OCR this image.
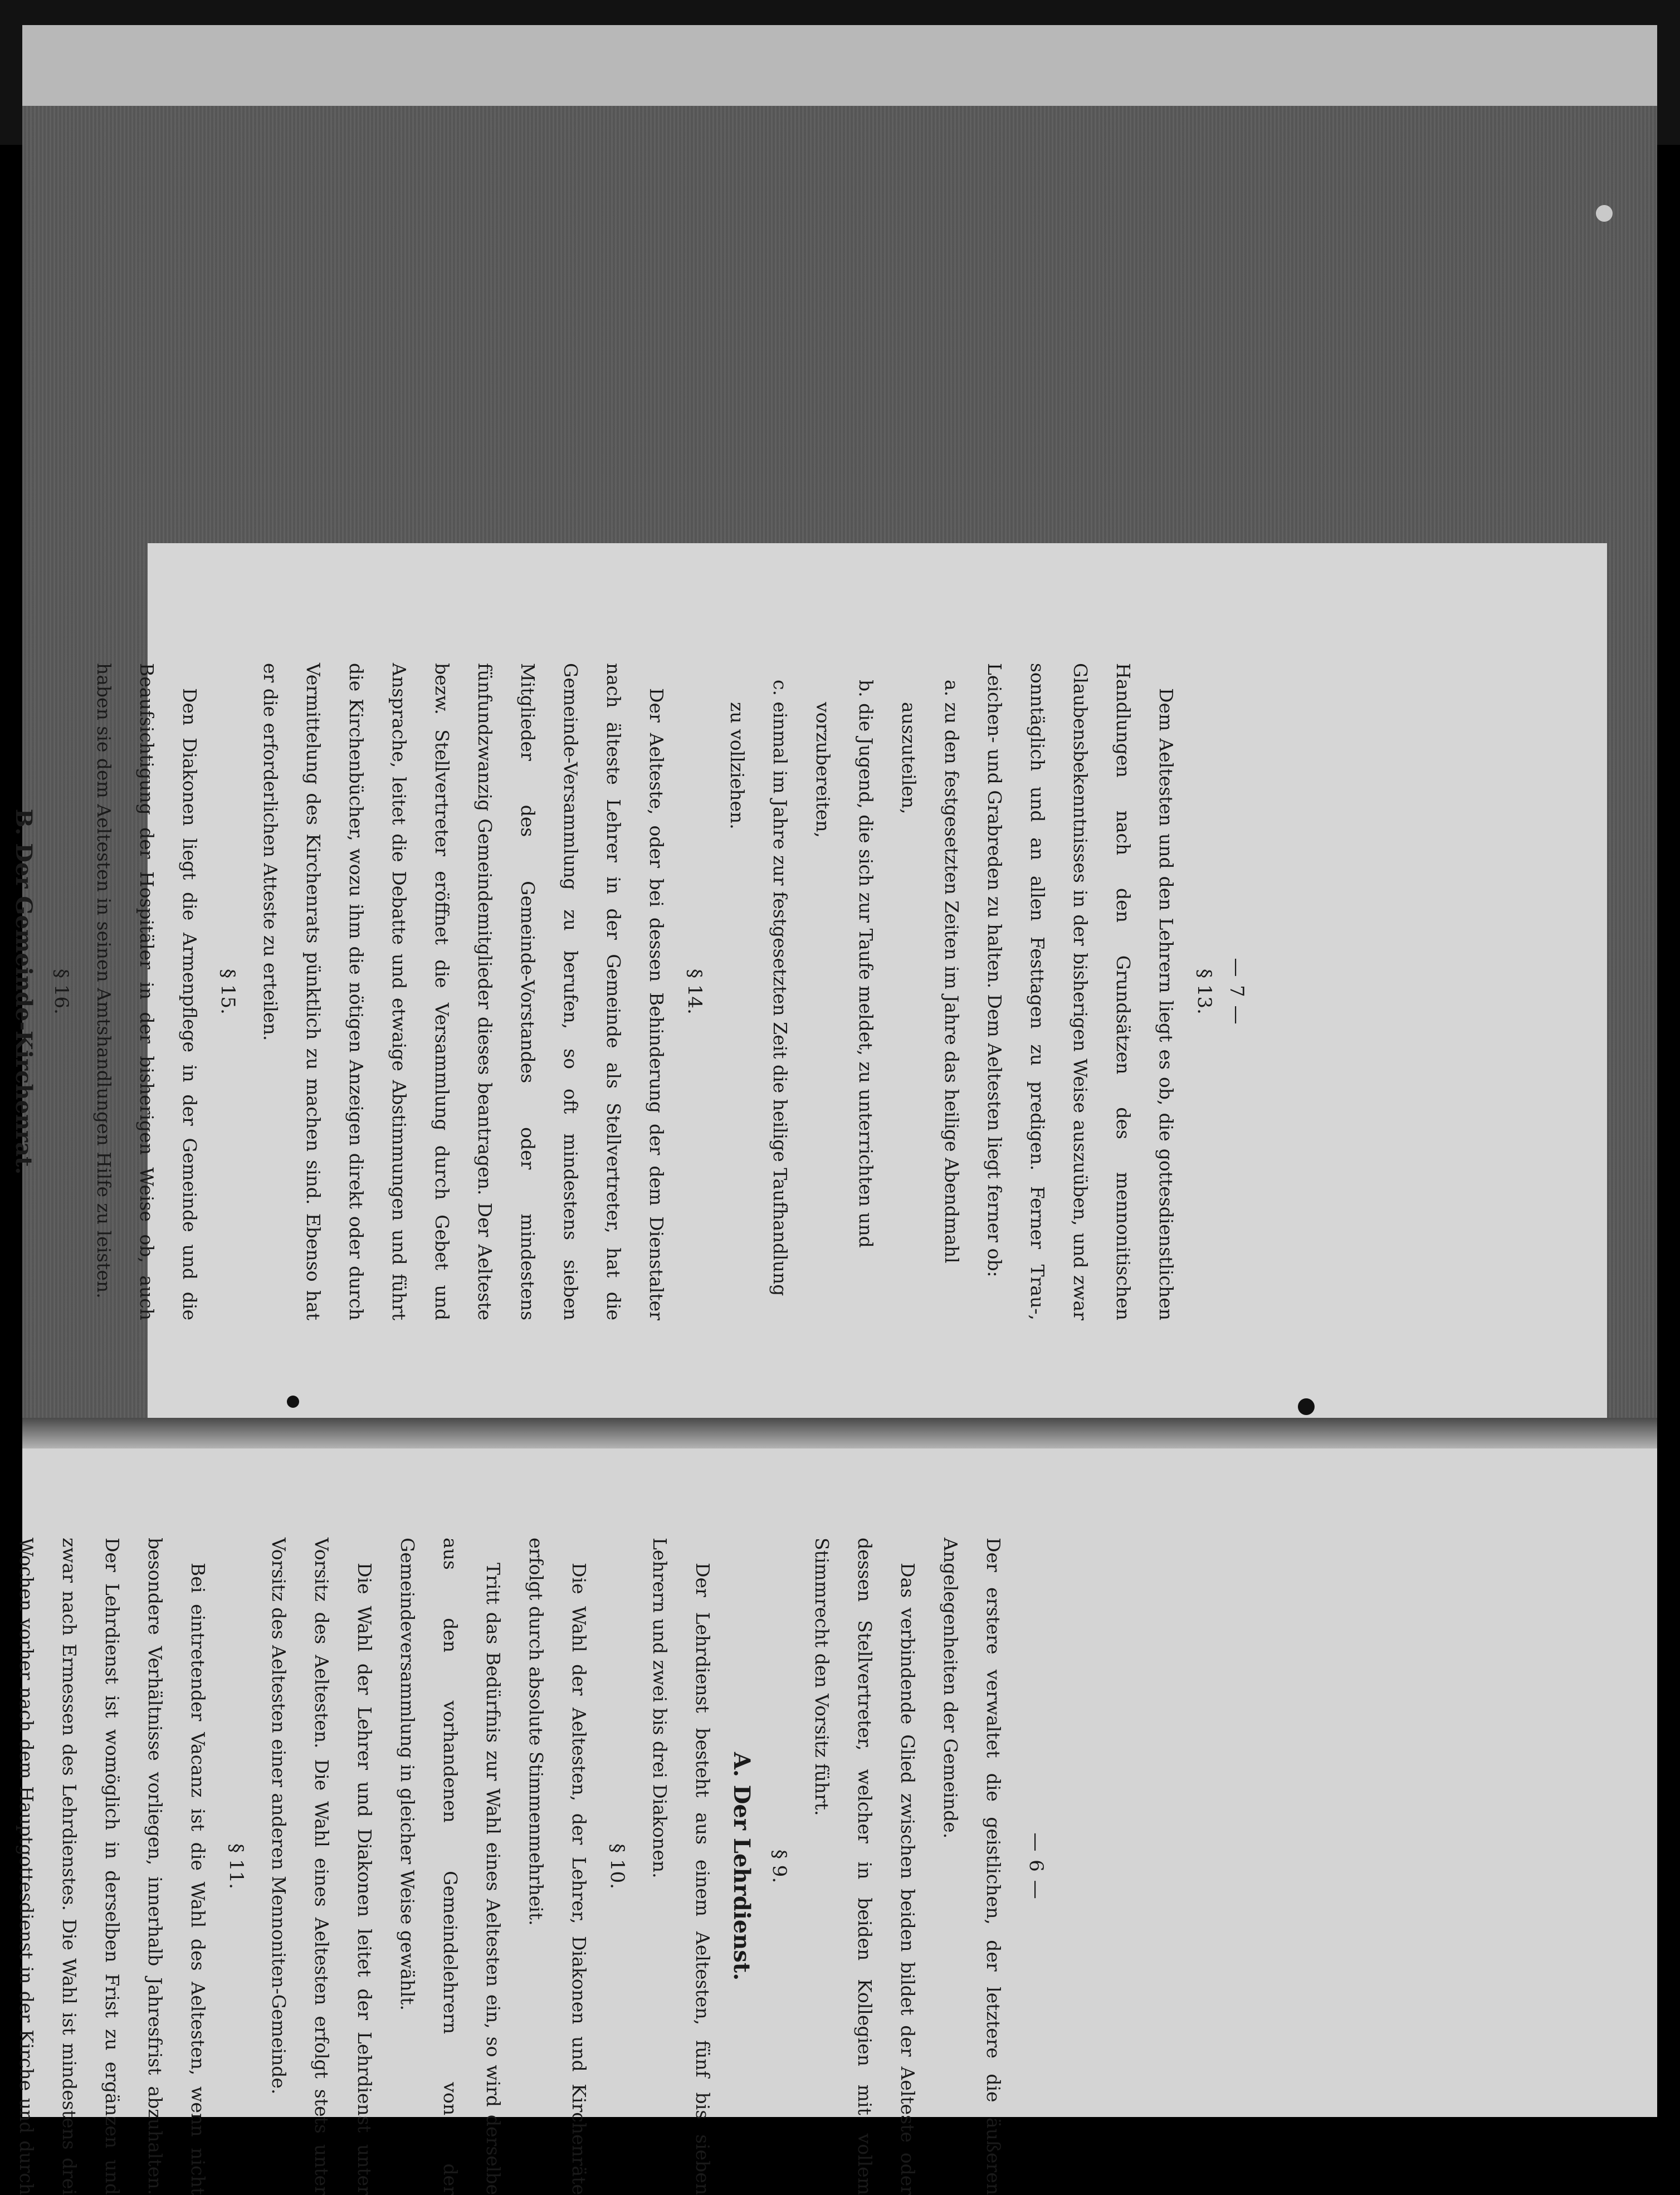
— 7 —
§ 13.

Dem Aeltesten und den Lehrern liegt es ob, die gottesdienstlichen Handlungen nach den Grundsätzen des mennonitischen Glaubensbekenntnisses in der bisherigen Weise auszuüben, und zwar sonntäglich und an allen Festtagen zu predigen. Ferner Trau-, Leichen- und Grabreden zu halten. Dem Aeltesten liegt ferner ob:

a. zu den festgesetzten Zeiten im Jahre das heilige Abendmahl auszuteilen,

b. die Jugend, die sich zur Taufe meldet, zu unterrichten und vorzubereiten,

c. einmal im Jahre zur festgesetzten Zeit die heilige Taufhandlung zu vollziehen.

§ 14.

Der Aelteste, oder bei dessen Behinderung der dem Dienstalter nach älteste Lehrer in der Gemeinde als Stellvertreter, hat die Gemeinde-Versammlung zu berufen, so oft mindestens sieben Mitglieder des Gemeinde-Vorstandes oder mindestens fünfundzwanzig Gemeindemitglieder dieses beantragen. Der Aelteste bezw. Stellvertreter eröffnet die Versammlung durch Gebet und Ansprache, leitet die Debatte und etwaige Abstimmungen und führt die Kirchenbücher, wozu ihm die nötigen Anzeigen direkt oder durch Vermittelung des Kirchenrats pünktlich zu machen sind. Ebenso hat er die erforderlichen Atteste zu erteilen.

§ 15.

Den Diakonen liegt die Armenpflege in der Gemeinde und die Beaufsichtigung der Hospitäler in der bisherigen Weise ob, auch haben sie dem Aeltesten in seinen Amtshandlungen Hilfe zu leisten.

§ 16.
B. Der Gemeinde-Kirchenrat.

— 6 —

Der erstere verwaltet die geistlichen, der letztere die äußeren Angelegenheiten der Gemeinde.

Das verbindende Glied zwischen beiden bildet der Aelteste oder dessen Stellvertreter, welcher in beiden Kollegien mit vollem Stimmrecht den Vorsitz führt.

§ 9.
A. Der Lehrdienst.

Der Lehrdienst besteht aus einem Aeltesten, fünf bis sieben Lehrern und zwei bis drei Diakonen.

§ 10.

Die Wahl der Aeltesten, der Lehrer, Diakonen und Kirchenräte erfolgt durch absolute Stimmenmehrheit.

Tritt das Bedürfnis zur Wahl eines Aeltesten ein, so wird derselbe aus den vorhandenen Gemeindelehrern von der Gemeindeversammlung in gleicher Weise gewählt.

Die Wahl der Lehrer und Diakonen leitet der Lehrdienst unter Vorsitz des Aeltesten. Die Wahl eines Aeltesten erfolgt stets unter Vorsitz des Aeltesten einer anderen Mennoniten-Gemeinde.

§ 11.

Bei eintretender Vacanz ist die Wahl des Aeltesten, wenn nicht besondere Verhältnisse vorliegen, innerhalb Jahresfrist abzuhalten. Der Lehrdienst ist womöglich in derselben Frist zu ergänzen und zwar nach Ermessen des Lehrdienstes. Die Wahl ist mindestens drei Wochen vorher nach dem Hauptgottesdienst in der Kirche und durch
